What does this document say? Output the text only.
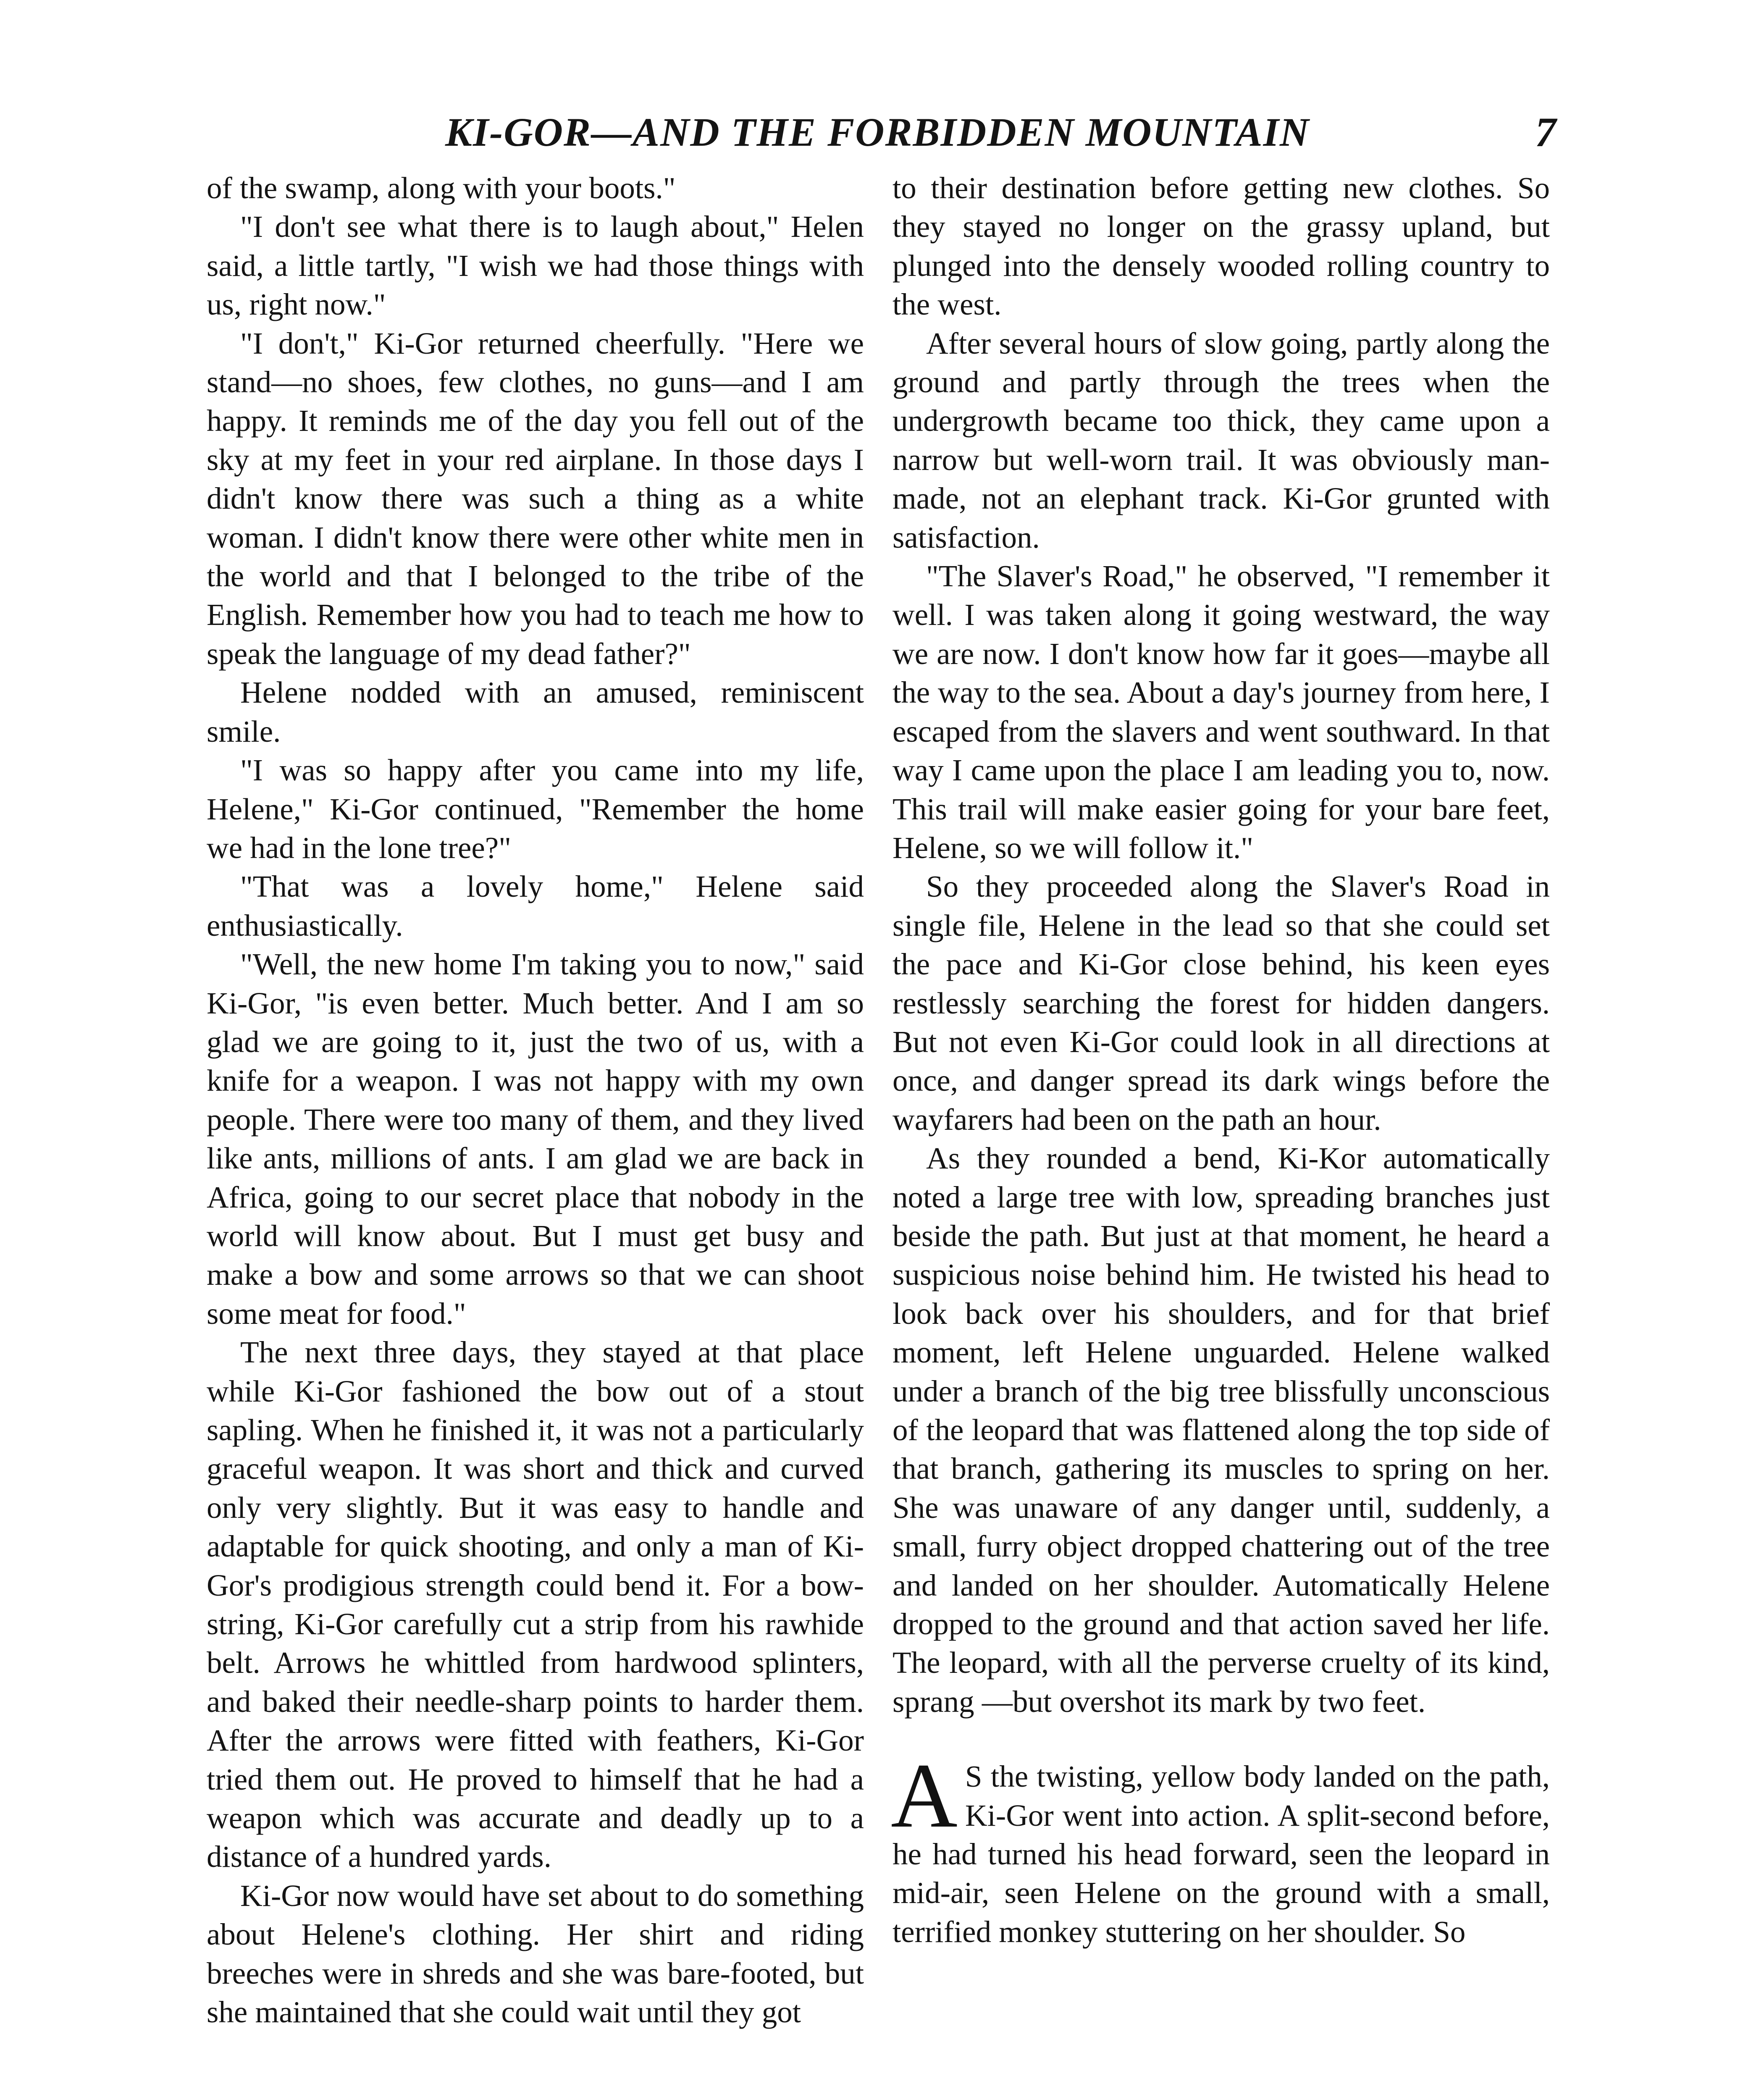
KI-GOR—AND THE FORBIDDEN MOUNTAIN	7

of the swamp, along with your boots."

"I don't see what there is to laugh about," Helen said, a little tartly, "I wish we had those things with us, right now."

"I don't," Ki-Gor returned cheerfully. "Here we stand—no shoes, few clothes, no guns—and I am happy. It reminds me of the day you fell out of the sky at my feet in your red airplane. In those days I didn't know there was such a thing as a white woman. I didn't know there were other white men in the world and that I belonged to the tribe of the English. Remember how you had to teach me how to speak the language of my dead father?"

Helene nodded with an amused, reminiscent smile.

"I was so happy after you came into my life, Helene," Ki-Gor continued, "Remember the home we had in the lone tree?"

"That was a lovely home," Helene said enthusiastically.

"Well, the new home I'm taking you to now," said Ki-Gor, "is even better. Much better. And I am so glad we are going to it, just the two of us, with a knife for a weapon. I was not happy with my own people. There were too many of them, and they lived like ants, millions of ants. I am glad we are back in Africa, going to our secret place that nobody in the world will know about. But I must get busy and make a bow and some arrows so that we can shoot some meat for food."

The next three days, they stayed at that place while Ki-Gor fashioned the bow out of a stout sapling. When he finished it, it was not a particularly graceful weapon. It was short and thick and curved only very slightly. But it was easy to handle and adaptable for quick shooting, and only a man of Ki-Gor's prodigious strength could bend it. For a bow-string, Ki-Gor carefully cut a strip from his rawhide belt. Arrows he whittled from hardwood splinters, and baked their needle-sharp points to harder them. After the arrows were fitted with feathers, Ki-Gor tried them out. He proved to himself that he had a weapon which was accurate and deadly up to a distance of a hundred yards.

Ki-Gor now would have set about to do something about Helene's clothing. Her shirt and riding breeches were in shreds and she was bare-footed, but she maintained that she could wait until they got

to their destination before getting new clothes. So they stayed no longer on the grassy upland, but plunged into the densely wooded rolling country to the west.

After several hours of slow going, partly along the ground and partly through the trees when the undergrowth became too thick, they came upon a narrow but well-worn trail. It was obviously man-made, not an elephant track. Ki-Gor grunted with satisfaction.

"The Slaver's Road," he observed, "I remember it well. I was taken along it going westward, the way we are now. I don't know how far it goes—maybe all the way to the sea. About a day's journey from here, I escaped from the slavers and went southward. In that way I came upon the place I am leading you to, now. This trail will make easier going for your bare feet, Helene, so we will follow it."

So they proceeded along the Slaver's Road in single file, Helene in the lead so that she could set the pace and Ki-Gor close behind, his keen eyes restlessly searching the forest for hidden dangers. But not even Ki-Gor could look in all directions at once, and danger spread its dark wings before the wayfarers had been on the path an hour.

As they rounded a bend, Ki-Kor automatically noted a large tree with low, spreading branches just beside the path. But just at that moment, he heard a suspicious noise behind him. He twisted his head to look back over his shoulders, and for that brief moment, left Helene unguarded. Helene walked under a branch of the big tree blissfully unconscious of the leopard that was flattened along the top side of that branch, gathering its muscles to spring on her. She was unaware of any danger until, suddenly, a small, furry object dropped chattering out of the tree and landed on her shoulder. Automatically Helene dropped to the ground and that action saved her life. The leopard, with all the perverse cruelty of its kind, sprang —but overshot its mark by two feet.

A S the twisting, yellow body landed on the path, Ki-Gor went into action. A split-second before, he had turned his head forward, seen the leopard in mid-air, seen Helene on the ground with a small, terrified monkey stuttering on her shoulder. So
